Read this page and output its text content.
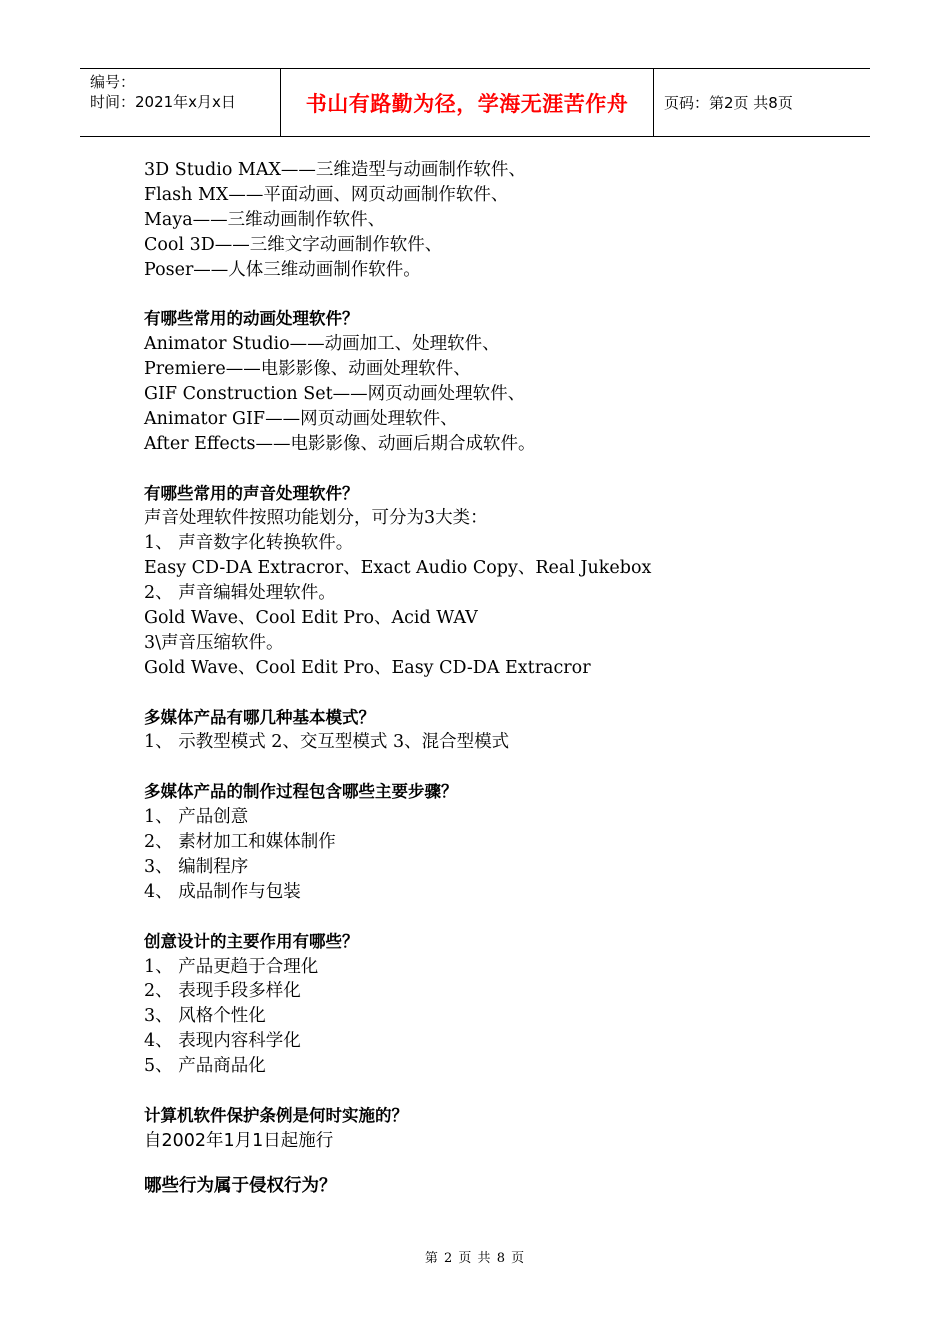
编号：
时间：2021年x月x日	书山有路勤为径，学海无涯苦作舟	页码：第2页 共8页
3D Studio MAX——三维造型与动画制作软件、
Flash MX——平面动画、网页动画制作软件、
Maya——三维动画制作软件、
Cool 3D——三维文字动画制作软件、
Poser——人体三维动画制作软件。
有哪些常用的动画处理软件？
Animator Studio——动画加工、处理软件、
Premiere——电影影像、动画处理软件、
GIF Construction Set——网页动画处理软件、
Animator GIF——网页动画处理软件、
After Effects——电影影像、动画后期合成软件。
有哪些常用的声音处理软件？
声音处理软件按照功能划分，可分为3大类：
1、 声音数字化转换软件。
Easy CD-DA Extracror、Exact Audio Copy、Real Jukebox
2、 声音编辑处理软件。
Gold Wave、Cool Edit Pro、Acid WAV
3\声音压缩软件。
Gold Wave、Cool Edit Pro、Easy CD-DA Extracror
多媒体产品有哪几种基本模式？
1、 示教型模式 2、交互型模式 3、混合型模式
多媒体产品的制作过程包含哪些主要步骤？
1、 产品创意
2、 素材加工和媒体制作
3、 编制程序
4、 成品制作与包装
创意设计的主要作用有哪些？
1、 产品更趋于合理化
2、 表现手段多样化
3、 风格个性化
4、 表现内容科学化
5、 产品商品化
计算机软件保护条例是何时实施的？
自2002年1月1日起施行
哪些行为属于侵权行为？
第 2 页 共 8 页
